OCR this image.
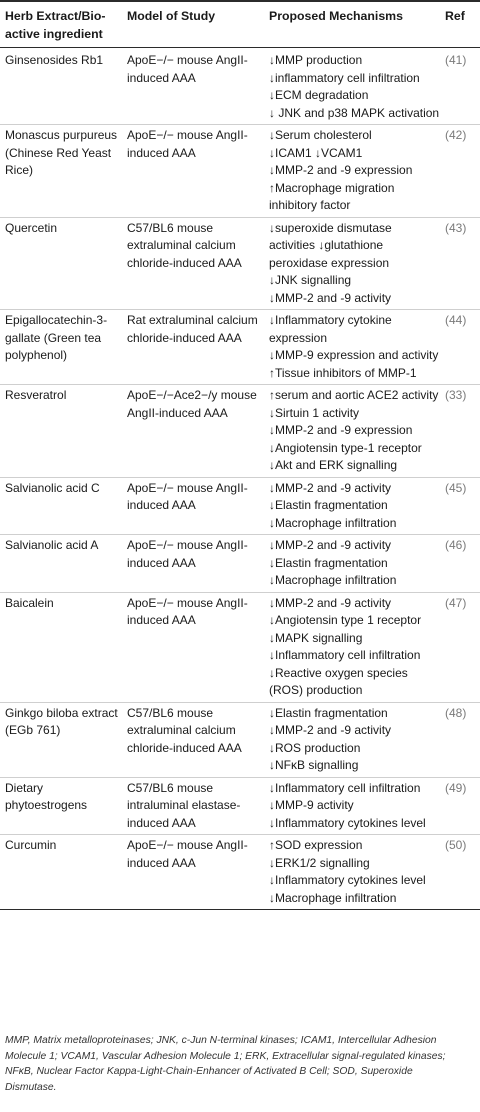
Herb Extract/Bio-active ingredient	Model of Study	Proposed Mechanisms	Ref
Ginsenosides Rb1	ApoE−/− mouse AngII-induced AAA	↓MMP production
↓inflammatory cell infiltration
↓ECM degradation
↓ JNK and p38 MAPK activation	(41)
Monascus purpureus (Chinese Red Yeast Rice)	ApoE−/− mouse AngII-induced AAA	↓Serum cholesterol
↓ICAM1 ↓VCAM1
↓MMP-2 and -9 expression
↑Macrophage migration inhibitory factor	(42)
Quercetin	C57/BL6 mouse extraluminal calcium chloride-induced AAA	↓superoxide dismutase activities ↓glutathione peroxidase expression
↓JNK signalling
↓MMP-2 and -9 activity	(43)
Epigallocatechin-3-gallate (Green tea polyphenol)	Rat extraluminal calcium chloride-induced AAA	↓Inflammatory cytokine expression
↓MMP-9 expression and activity
↑Tissue inhibitors of MMP-1	(44)
Resveratrol	ApoE−/−Ace2−/y mouse AngII-induced AAA	↑serum and aortic ACE2 activity
↓Sirtuin 1 activity
↓MMP-2 and -9 expression
↓Angiotensin type-1 receptor
↓Akt and ERK signalling	(33)
Salvianolic acid C	ApoE−/− mouse AngII-induced AAA	↓MMP-2 and -9 activity
↓Elastin fragmentation
↓Macrophage infiltration	(45)
Salvianolic acid A	ApoE−/− mouse AngII-induced AAA	↓MMP-2 and -9 activity
↓Elastin fragmentation
↓Macrophage infiltration	(46)
Baicalein	ApoE−/− mouse AngII-induced AAA	↓MMP-2 and -9 activity
↓Angiotensin type 1 receptor
↓MAPK signalling
↓Inflammatory cell infiltration
↓Reactive oxygen species (ROS) production	(47)
Ginkgo biloba extract (EGb 761)	C57/BL6 mouse extraluminal calcium chloride-induced AAA	↓Elastin fragmentation
↓MMP-2 and -9 activity
↓ROS production
↓NFκB signalling	(48)
Dietary phytoestrogens	C57/BL6 mouse intraluminal elastase-induced AAA	↓Inflammatory cell infiltration
↓MMP-9 activity
↓Inflammatory cytokines level	(49)
Curcumin	ApoE−/− mouse AngII-induced AAA	↑SOD expression
↓ERK1/2 signalling
↓Inflammatory cytokines level
↓Macrophage infiltration	(50)
MMP, Matrix metalloproteinases; JNK, c-Jun N-terminal kinases; ICAM1, Intercellular Adhesion Molecule 1; VCAM1, Vascular Adhesion Molecule 1; ERK, Extracellular signal-regulated kinases; NFκB, Nuclear Factor Kappa-Light-Chain-Enhancer of Activated B Cell; SOD, Superoxide Dismutase.
